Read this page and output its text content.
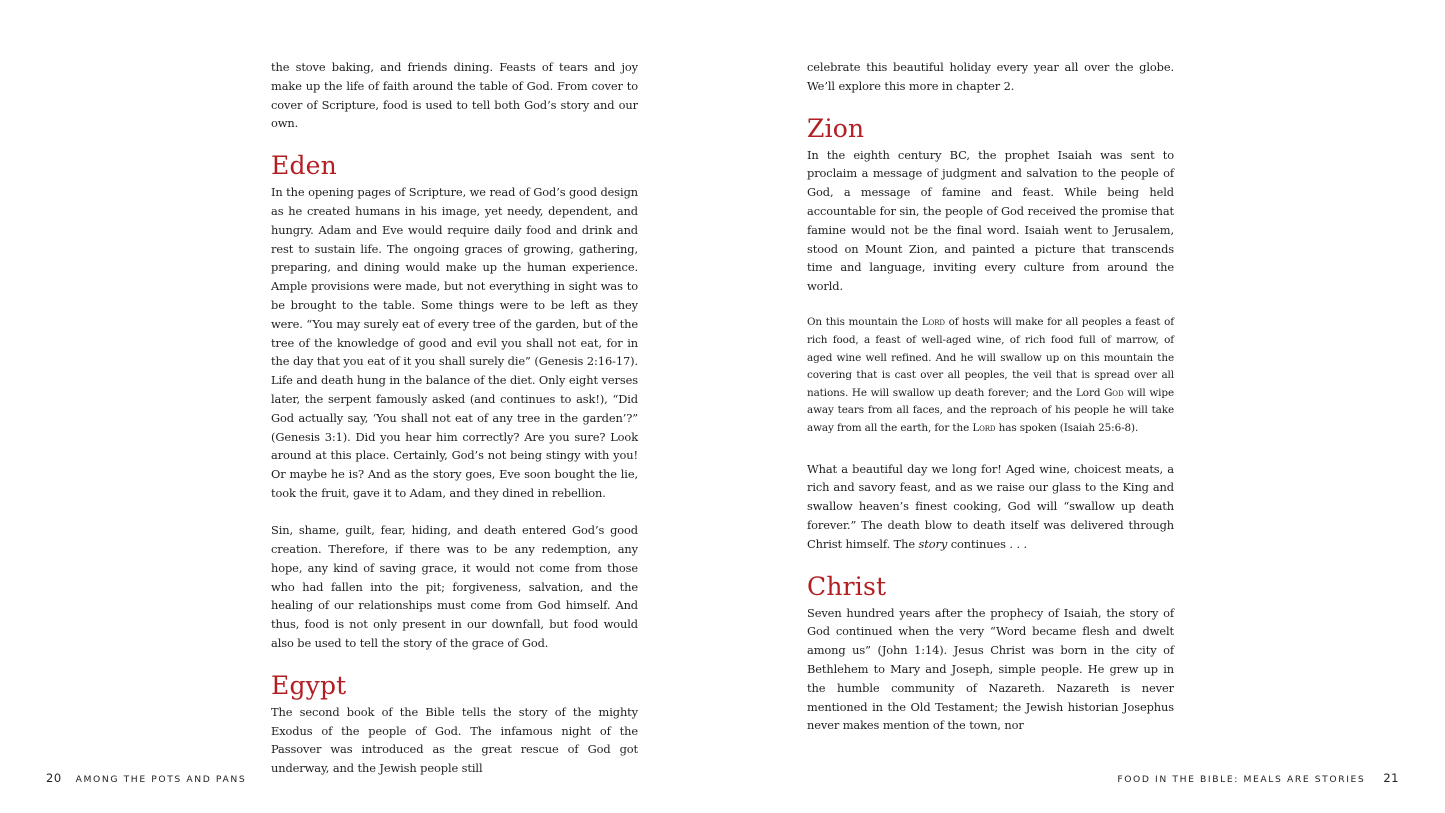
the stove baking, and friends dining. Feasts of tears and joy make up the life of faith around the table of God. From cover to cover of Scripture, food is used to tell both God’s story and our own.

Eden

In the opening pages of Scripture, we read of God’s good design as he created humans in his image, yet needy, dependent, and hungry. Adam and Eve would require daily food and drink and rest to sustain life. The ongoing graces of growing, gathering, preparing, and dining would make up the human experience. Ample provisions were made, but not everything in sight was to be brought to the table. Some things were to be left as they were. “You may surely eat of every tree of the garden, but of the tree of the knowledge of good and evil you shall not eat, for in the day that you eat of it you shall surely die” (Genesis 2:16-17). Life and death hung in the balance of the diet. Only eight verses later, the serpent famously asked (and continues to ask!), “Did God actually say, ‘You shall not eat of any tree in the garden’?” (Genesis 3:1). Did you hear him correctly? Are you sure? Look around at this place. Certainly, God’s not being stingy with you! Or maybe he is? And as the story goes, Eve soon bought the lie, took the fruit, gave it to Adam, and they dined in rebellion.

Sin, shame, guilt, fear, hiding, and death entered God’s good creation. Therefore, if there was to be any redemption, any hope, any kind of saving grace, it would not come from those who had fallen into the pit; forgiveness, salvation, and the healing of our relationships must come from God himself. And thus, food is not only present in our downfall, but food would also be used to tell the story of the grace of God.

Egypt

The second book of the Bible tells the story of the mighty Exodus of the people of God. The infamous night of the Passover was introduced as the great rescue of God got underway, and the Jewish people still

celebrate this beautiful holiday every year all over the globe. We’ll explore this more in chapter 2.

Zion

In the eighth century BC, the prophet Isaiah was sent to proclaim a message of judgment and salvation to the people of God, a message of famine and feast. While being held accountable for sin, the people of God received the promise that famine would not be the final word. Isaiah went to Jerusalem, stood on Mount Zion, and painted a picture that transcends time and language, inviting every culture from around the world.

On this mountain the Lord of hosts will make for all peoples a feast of rich food, a feast of well-aged wine, of rich food full of marrow, of aged wine well refined. And he will swallow up on this mountain the covering that is cast over all peoples, the veil that is spread over all nations. He will swallow up death forever; and the Lord God will wipe away tears from all faces, and the reproach of his people he will take away from all the earth, for the Lord has spoken (Isaiah 25:6-8).

What a beautiful day we long for! Aged wine, choicest meats, a rich and savory feast, and as we raise our glass to the King and swallow heaven’s finest cooking, God will “swallow up death forever.” The death blow to death itself was delivered through Christ himself. The story continues . . .

Christ

Seven hundred years after the prophecy of Isaiah, the story of God continued when the very “Word became flesh and dwelt among us” (John 1:14). Jesus Christ was born in the city of Bethlehem to Mary and Joseph, simple people. He grew up in the humble community of Nazareth. Nazareth is never mentioned in the Old Testament; the Jewish historian Josephus never makes mention of the town, nor

20 AMONG THE POTS AND PANS	FOOD IN THE BIBLE: MEALS ARE STORIES 21
